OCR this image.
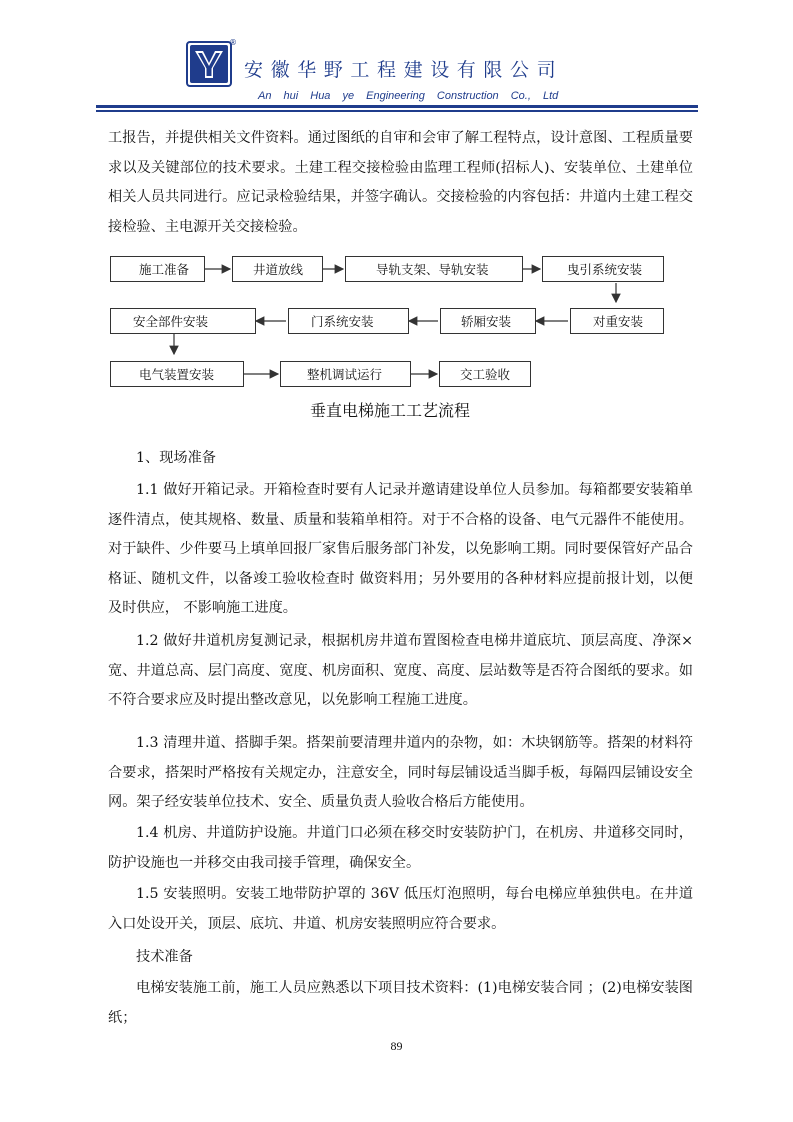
®
安徽华野工程建设有限公司
An hui Hua ye Engineering Construction Co., Ltd

工报告，并提供相关文件资料。通过图纸的自审和会审了解工程特点，设计意图、工程质量要求以及关键部位的技术要求。土建工程交接检验由监理工程师(招标人)、安装单位、土建单位相关人员共同进行。应记录检验结果，并签字确认。交接检验的内容包括：井道内土建工程交接检验、主电源开关交接检验。

施工准备	井道放线	导轨支架、导轨安装	曳引系统安装
对重安装
轿厢安装
门系统安装
安全部件安装
电气装置安装	整机调试运行	交工验收
垂直电梯施工工艺流程

1、现场准备

1.1 做好开箱记录。开箱检查时要有人记录并邀请建设单位人员参加。每箱都要安装箱单逐件清点，使其规格、数量、质量和装箱单相符。对于不合格的设备、电气元器件不能使用。对于缺件、少件要马上填单回报厂家售后服务部门补发，以免影响工期。同时要保管好产品合格证、随机文件，以备竣工验收检查时 做资料用；另外要用的各种材料应提前报计划，以便及时供应， 不影响施工进度。

1.2 做好井道机房复测记录，根据机房井道布置图检查电梯井道底坑、顶层高度、净深×宽、井道总高、层门高度、宽度、机房面积、宽度、高度、层站数等是否符合图纸的要求。如不符合要求应及时提出整改意见，以免影响工程施工进度。

1.3 清理井道、搭脚手架。搭架前要清理井道内的杂物，如：木块钢筋等。搭架的材料符合要求，搭架时严格按有关规定办，注意安全，同时每层铺设适当脚手板，每隔四层铺设安全网。架子经安装单位技术、安全、质量负责人验收合格后方能使用。

1.4 机房、井道防护设施。井道门口必须在移交时安装防护门，在机房、井道移交同时，防护设施也一并移交由我司接手管理，确保安全。

1.5 安装照明。安装工地带防护罩的 36V 低压灯泡照明，每台电梯应单独供电。在井道入口处设开关，顶层、底坑、井道、机房安装照明应符合要求。

技术准备

电梯安装施工前，施工人员应熟悉以下项目技术资料：(1)电梯安装合同 ；(2)电梯安装图纸；

89
